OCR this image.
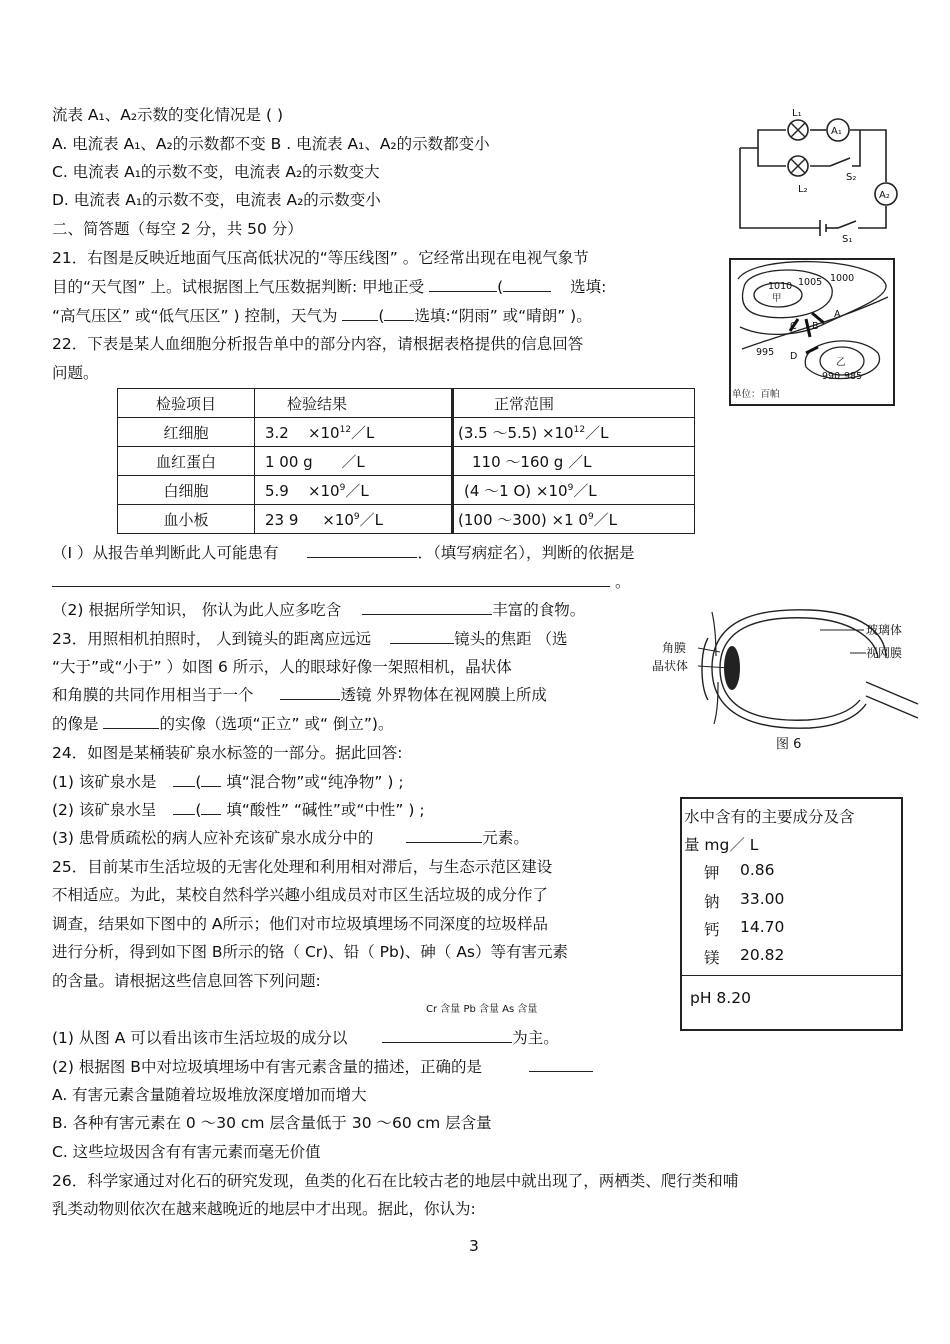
流表 A₁、A₂示数的变化情况是 ( )
A. 电流表 A₁、A₂的示数都不变 B . 电流表 A₁、A₂的示数都变小
C. 电流表 A₁的示数不变，电流表 A₂的示数变大
D. 电流表 A₁的示数不变，电流表 A₂的示数变小
二、简答题（每空 2 分，共 50 分）
21．右图是反映近地面气压高低状况的“等压线图” 。它经常出现在电视气象节
目的“天气图” 上。试根据图上气压数据判断: 甲地正受	(	选填:
“高气压区” 或“低气压区” ) 控制，天气为	( 选填:“阴雨” 或“晴朗” )。
22．下表是某人血细胞分析报告单中的部分内容，请根据表格提供的信息回答
问题。
检验项目	检验结果	正常范围
红细胞	$3.2 \times 10^{12}/L$	(3.5 ～5.5) $\times 10^{12}/L$
血红蛋白	1 00 g ／L	110 ～160 g ／L
白细胞	$5.9 \times 10^9/L$	(4 ～1 $O) \times 10^9/L$
血小板	23 $9 \times 10^9/L$	(100 ～300) ×1 $0^9/L$
（I ）从报告单判断此人可能患有	．（填写病症名），判断的依据是
。
（2) 根据所学知识， 你认为此人应多吃含	丰富的食物。
23．用照相机拍照时， 人到镜头的距离应远远	镜头的焦距 （选
“大于”或“小于” ）如图 6 所示，人的眼球好像一架照相机，晶状体
和角膜的共同作用相当于一个	透镜 外界物体在视网膜上所成
的像是	的实像（选项“正立” 或“ 倒立”)。
24．如图是某桶装矿泉水标签的一部分。据此回答:
(1) 该矿泉水是	( 填“混合物”或“纯净物” ) ;
(2) 该矿泉水呈	( 填“酸性” “碱性”或“中性” ) ;
(3) 患骨质疏松的病人应补充该矿泉水成分中的	元素。
25．目前某市生活垃圾的无害化处理和利用相对滞后，与生态示范区建设
不相适应。为此，某校自然科学兴趣小组成员对市区生活垃圾的成分作了
调查，结果如下图中的 A所示；他们对市垃圾填埋场不同深度的垃圾样品
进行分析，得到如下图 B所示的铬（ Cr)、铅（ Pb)、砷（ As）等有害元素
的含量。请根据这些信息回答下列问题:
Cr 含量 Pb 含量 As 含量
(1) 从图 A 可以看出该市生活垃圾的成分以	为主。
(2) 根据图 B中对垃圾填埋场中有害元素含量的描述，正确的是
A. 有害元素含量随着垃圾堆放深度增加而增大
B. 各种有害元素在 0 ～30 cm 层含量低于 30 ～60 cm 层含量
C. 这些垃圾因含有有害元素而毫无价值
26．科学家通过对化石的研究发现，鱼类的化石在比较古老的地层中就出现了，两栖类、爬行类和哺
乳类动物则依次在越来越晚近的地层中才出现。据此，你认为:
3
水中含有的主要成分及含
量 mg／ L
钾 0.86
钠 33.00
钙 14.70
镁 20.82
pH 8.20
L₁
L₂
A₁
A₂
S₂
S₁
1010 1005 1000
甲
A
B
C
D
995
乙
990 985
单位：百帕
角膜
晶状体
玻璃体
视网膜
图 6
